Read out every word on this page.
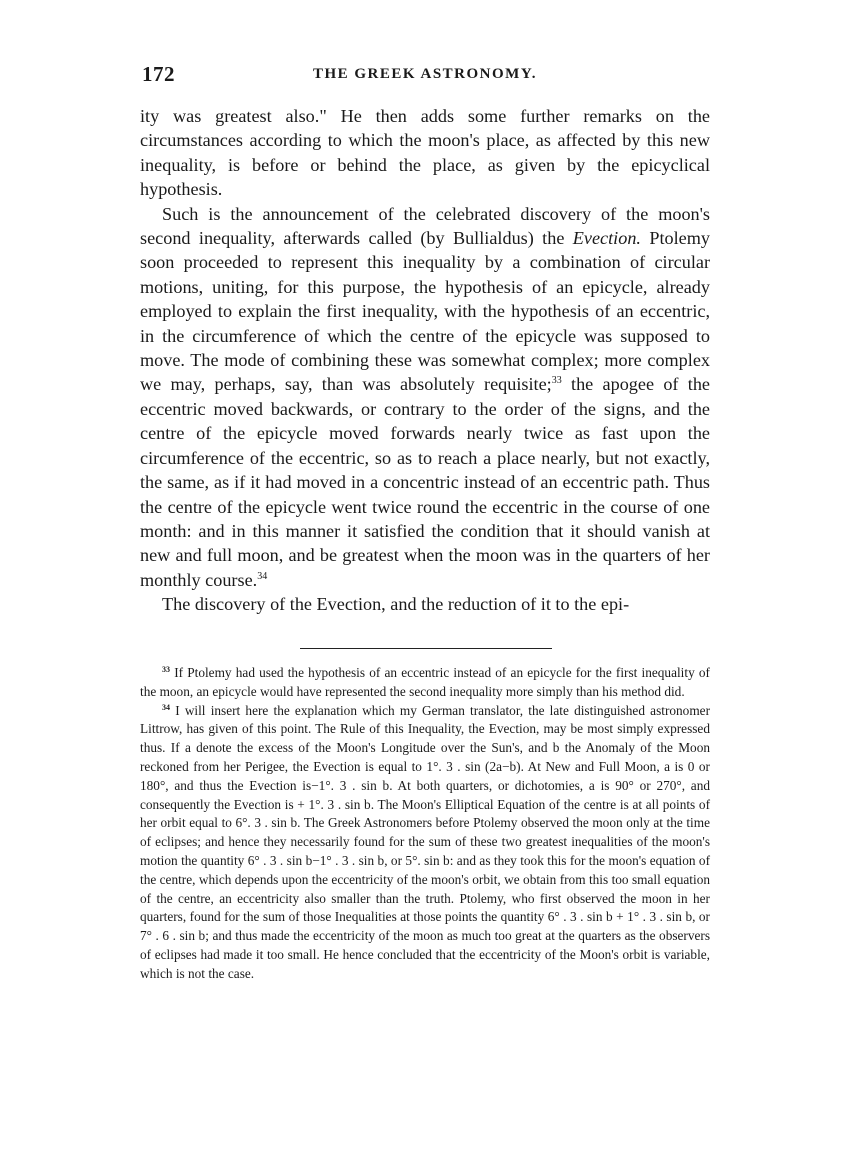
172	THE GREEK ASTRONOMY.

ity was greatest also." He then adds some further remarks on the circumstances according to which the moon's place, as affected by this new inequality, is before or behind the place, as given by the epicyclical hypothesis.

Such is the announcement of the celebrated discovery of the moon's second inequality, afterwards called (by Bullialdus) the Evection. Ptolemy soon proceeded to represent this inequality by a combination of circular motions, uniting, for this purpose, the hypothesis of an epicycle, already employed to explain the first inequality, with the hypothesis of an eccentric, in the circumference of which the centre of the epicycle was supposed to move. The mode of combining these was somewhat complex; more complex we may, perhaps, say, than was absolutely requisite;$^{33}$ the apogee of the eccentric moved backwards, or contrary to the order of the signs, and the centre of the epicycle moved forwards nearly twice as fast upon the circumference of the eccentric, so as to reach a place nearly, but not exactly, the same, as if it had moved in a concentric instead of an eccentric path. Thus the centre of the epicycle went twice round the eccentric in the course of one month: and in this manner it satisfied the condition that it should vanish at new and full moon, and be greatest when the moon was in the quarters of her monthly course.$^{34}$

The discovery of the Evection, and the reduction of it to the epi-

$^{33}$ If Ptolemy had used the hypothesis of an eccentric instead of an epicycle for the first inequality of the moon, an epicycle would have represented the second inequality more simply than his method did.

$^{34}$ I will insert here the explanation which my German translator, the late distinguished astronomer Littrow, has given of this point. The Rule of this Inequality, the Evection, may be most simply expressed thus. If a denote the excess of the Moon's Longitude over the Sun's, and b the Anomaly of the Moon reckoned from her Perigee, the Evection is equal to 1°. 3 . sin (2a−b). At New and Full Moon, a is 0 or 180°, and thus the Evection is−1°. 3 . sin b. At both quarters, or dichotomies, a is 90° or 270°, and consequently the Evection is + 1°. 3 . sin b. The Moon's Elliptical Equation of the centre is at all points of her orbit equal to 6°. 3 . sin b. The Greek Astronomers before Ptolemy observed the moon only at the time of eclipses; and hence they necessarily found for the sum of these two greatest inequalities of the moon's motion the quantity 6° . 3 . sin b−1° . 3 . sin b, or 5°. sin b: and as they took this for the moon's equation of the centre, which depends upon the eccentricity of the moon's orbit, we obtain from this too small equation of the centre, an eccentricity also smaller than the truth. Ptolemy, who first observed the moon in her quarters, found for the sum of those Inequalities at those points the quantity 6° . 3 . sin b + 1° . 3 . sin b, or 7° . 6 . sin b; and thus made the eccentricity of the moon as much too great at the quarters as the observers of eclipses had made it too small. He hence concluded that the eccentricity of the Moon's orbit is variable, which is not the case.
